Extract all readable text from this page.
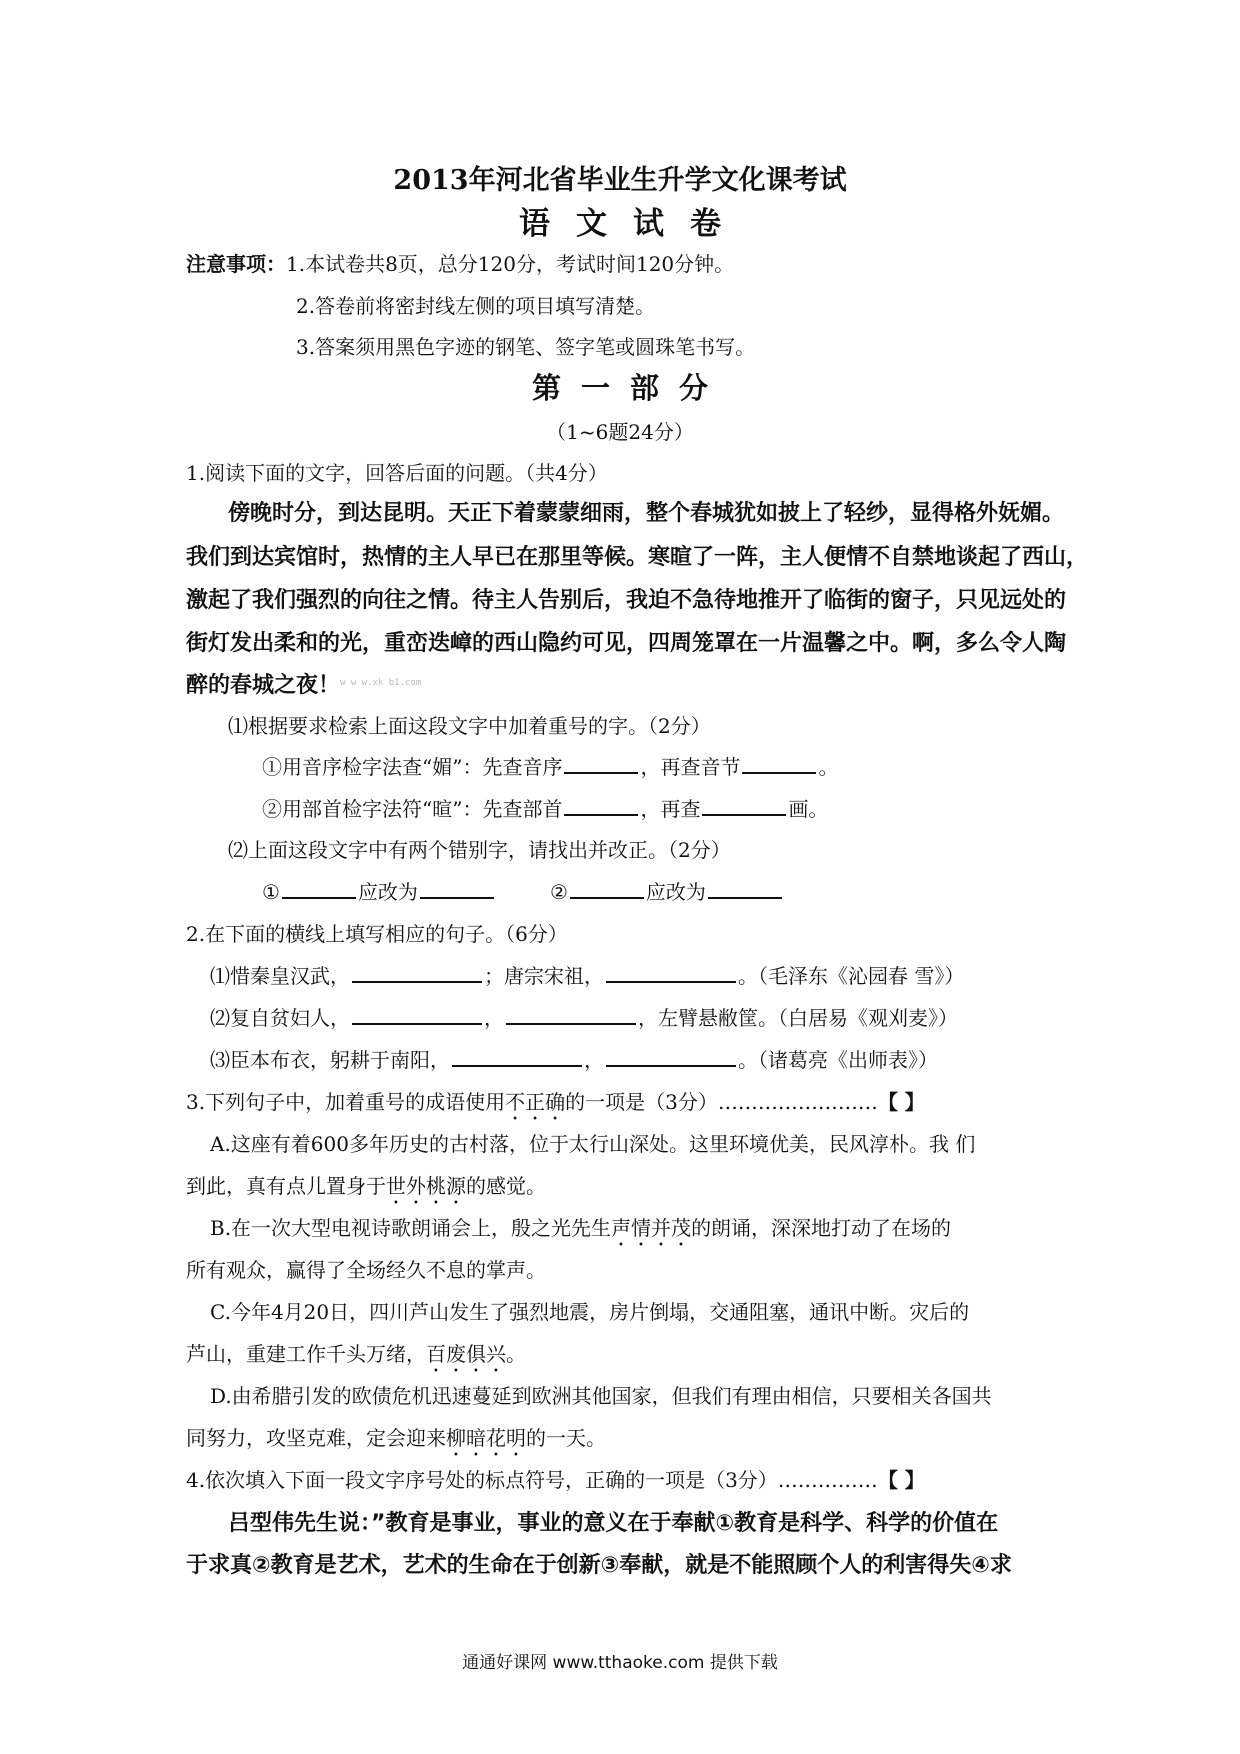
2013年河北省毕业生升学文化课考试
语文试卷
注意事项：1.本试卷共8页，总分120分，考试时间120分钟。
2.答卷前将密封线左侧的项目填写清楚。
3.答案须用黑色字迹的钢笔、签字笔或圆珠笔书写。
第一部分
（1~6题24分）
1.阅读下面的文字，回答后面的问题。（共4分）
傍晚时分，到达昆明。天正下着蒙蒙细雨，整个春城犹如披上了轻纱，显得格外妩媚。
我们到达宾馆时，热情的主人早已在那里等候。寒暄了一阵，主人便情不自禁地谈起了西山，
激起了我们强烈的向往之情。待主人告别后，我迫不急待地推开了临街的窗子，只见远处的
街灯发出柔和的光，重峦迭嶂的西山隐约可见，四周笼罩在一片温馨之中。啊，多么令人陶
醉的春城之夜！ w w w.xk b1.com
⑴根据要求检索上面这段文字中加着重号的字。（2分）
①用音序检字法查“媚”：先查音序	，再查音节	。
②用部首检字法符“暄”：先查部首	，再查	画。
⑵上面这段文字中有两个错别字，请找出并改正。（2分）
①	应改为	②	应改为
2.在下面的横线上填写相应的句子。（6分）
⑴惜秦皇汉武，	；唐宗宋祖，	。（毛泽东《沁园春 雪》）
⑵复自贫妇人，	，	，左臂悬敝筐。（白居易《观刈麦》）
⑶臣本布衣，躬耕于南阳，	，	。（诸葛亮《出师表》）
3.下列句子中，加着重号的成语使用不正确的一项是（3分）……………………【 】
A.这座有着600多年历史的古村落，位于太行山深处。这里环境优美，民风淳朴。我 们
到此，真有点儿置身于世外桃源的感觉。
B.在一次大型电视诗歌朗诵会上，殷之光先生声情并茂的朗诵，深深地打动了在场的
所有观众，赢得了全场经久不息的掌声。
C.今年4月20日，四川芦山发生了强烈地震，房片倒塌，交通阻塞，通讯中断。灾后的
芦山，重建工作千头万绪，百废俱兴。
D.由希腊引发的欧债危机迅速蔓延到欧洲其他国家，但我们有理由相信，只要相关各国共
同努力，攻坚克难，定会迎来柳暗花明的一天。
4.依次填入下面一段文字序号处的标点符号，正确的一项是（3分）……………【 】
吕型伟先生说：”教育是事业，事业的意义在于奉献①教育是科学、科学的价值在
于求真②教育是艺术，艺术的生命在于创新③奉献，就是不能照顾个人的利害得失④求
通通好课网 www.tthaoke.com 提供下载
